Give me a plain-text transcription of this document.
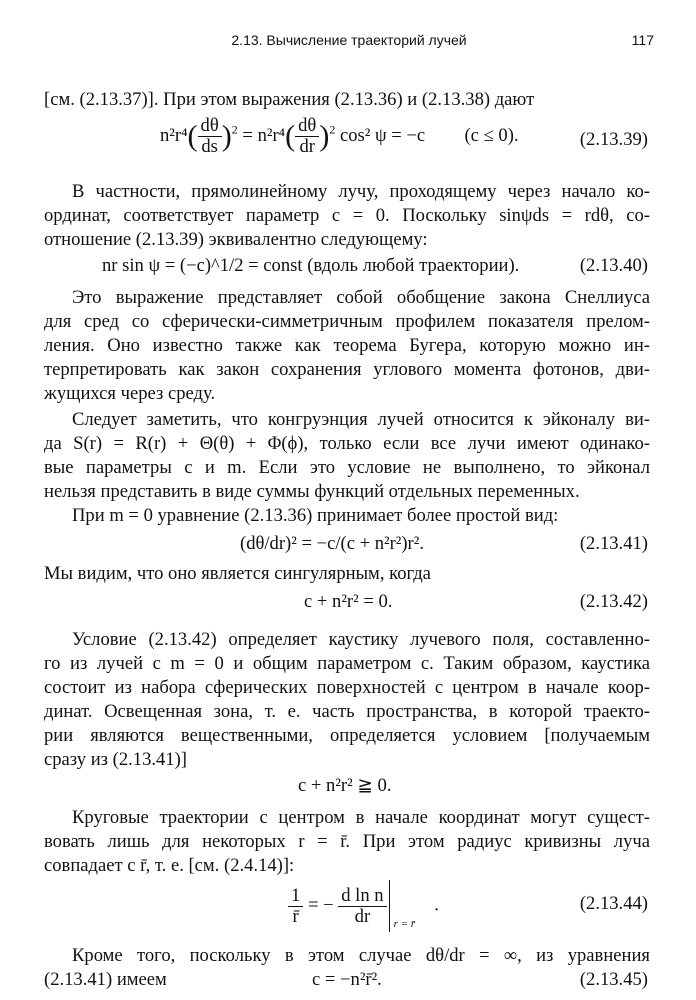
2.13. Вычисление траекторий лучей	117
[см. (2.13.37)]. При этом выражения (2.13.36) и (2.13.38) дают
$n^2r^4( \frac{d\theta}{ds} )^2 = n^2r^4( \frac{d\theta}{dr} )^2$ cos² ψ = −c (c ≤ 0).	(2.13.39)
В частности, прямолинейному лучу, проходящему через начало ко-
ординат, соответствует параметр c = 0. Поскольку sinψds = rdθ, со-
отношение (2.13.39) эквивалентно следующему:
nr sin ψ = (−c)^1/2 = const (вдоль любой траектории).	(2.13.40)
Это выражение представляет собой обобщение закона Снеллиуса
для сред со сферически-симметричным профилем показателя прелом-
ления. Оно известно также как теорема Бугера, которую можно ин-
терпретировать как закон сохранения углового момента фотонов, дви-
жущихся через среду.
Следует заметить, что конгруэнция лучей относится к эйконалу ви-
да S(r) = R(r) + Θ(θ) + Φ(ϕ), только если все лучи имеют одинако-
вые параметры c и m. Если это условие не выполнено, то эйконал
нельзя представить в виде суммы функций отдельных переменных.
При m = 0 уравнение (2.13.36) принимает более простой вид:
(dθ/dr)² = −c/(c + n²r²)r².	(2.13.41)
Мы видим, что оно является сингулярным, когда
c + n²r² = 0.	(2.13.42)
Условие (2.13.42) определяет каустику лучевого поля, составленно-
го из лучей с m = 0 и общим параметром c. Таким образом, каустика
состоит из набора сферических поверхностей с центром в начале коор-
динат. Освещенная зона, т. е. часть пространства, в которой траекто-
рии являются вещественными, определяется условием [получаемым
сразу из (2.13.41)]
c + n²r² ≧ 0.
Круговые траектории с центром в начале координат могут сущест-
вовать лишь для некоторых r = r̄. При этом радиус кривизны луча
совпадает с r̄, т. е. [см. (2.4.14)]:
$\frac{1}{r̄}$ = − $\frac{\text{d ln n}}{dr}$ r = r̄
.	(2.13.44)
Кроме того, поскольку в этом случае dθ/dr = ∞, из уравнения
(2.13.41) имеем	c = −n²r̄².	(2.13.45)
